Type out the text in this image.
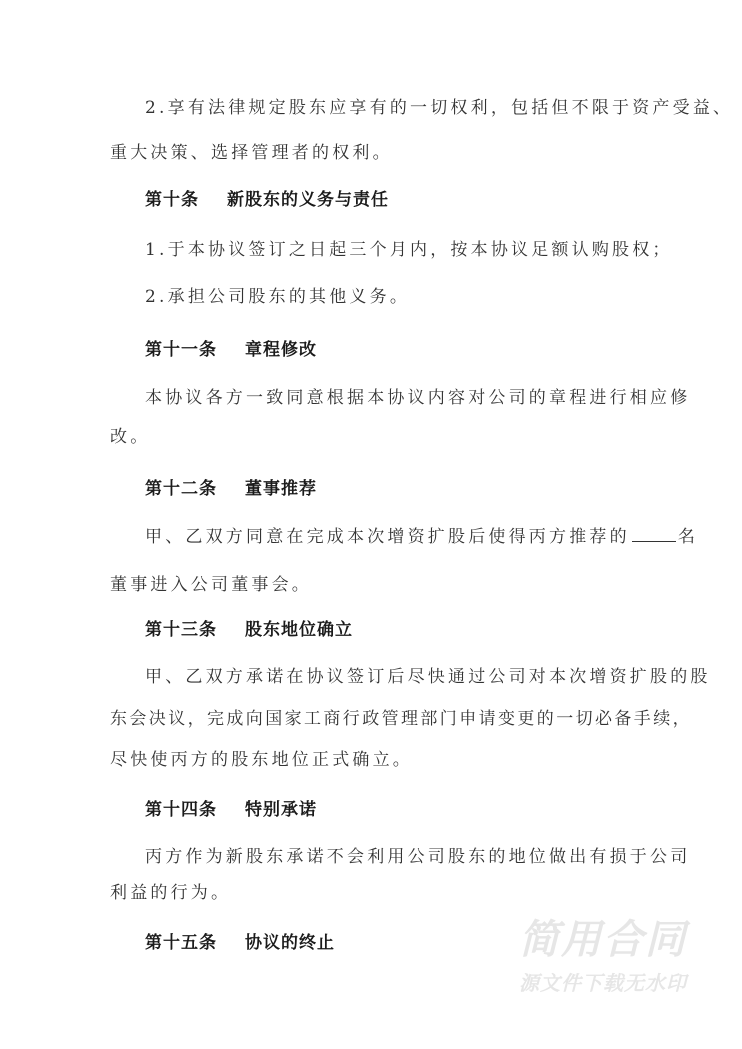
2.享有法律规定股东应享有的一切权利，包括但不限于资产受益、
重大决策、选择管理者的权利。
第十条 新股东的义务与责任
1.于本协议签订之日起三个月内，按本协议足额认购股权；
2.承担公司股东的其他义务。
第十一条 章程修改
本协议各方一致同意根据本协议内容对公司的章程进行相应修
改。
第十二条 董事推荐
甲、乙双方同意在完成本次增资扩股后使得丙方推荐的	名
董事进入公司董事会。
第十三条 股东地位确立
甲、乙双方承诺在协议签订后尽快通过公司对本次增资扩股的股
东会决议，完成向国家工商行政管理部门申请变更的一切必备手续，
尽快使丙方的股东地位正式确立。
第十四条 特别承诺
丙方作为新股东承诺不会利用公司股东的地位做出有损于公司
利益的行为。
第十五条 协议的终止	简用合同
源文件下载无水印
